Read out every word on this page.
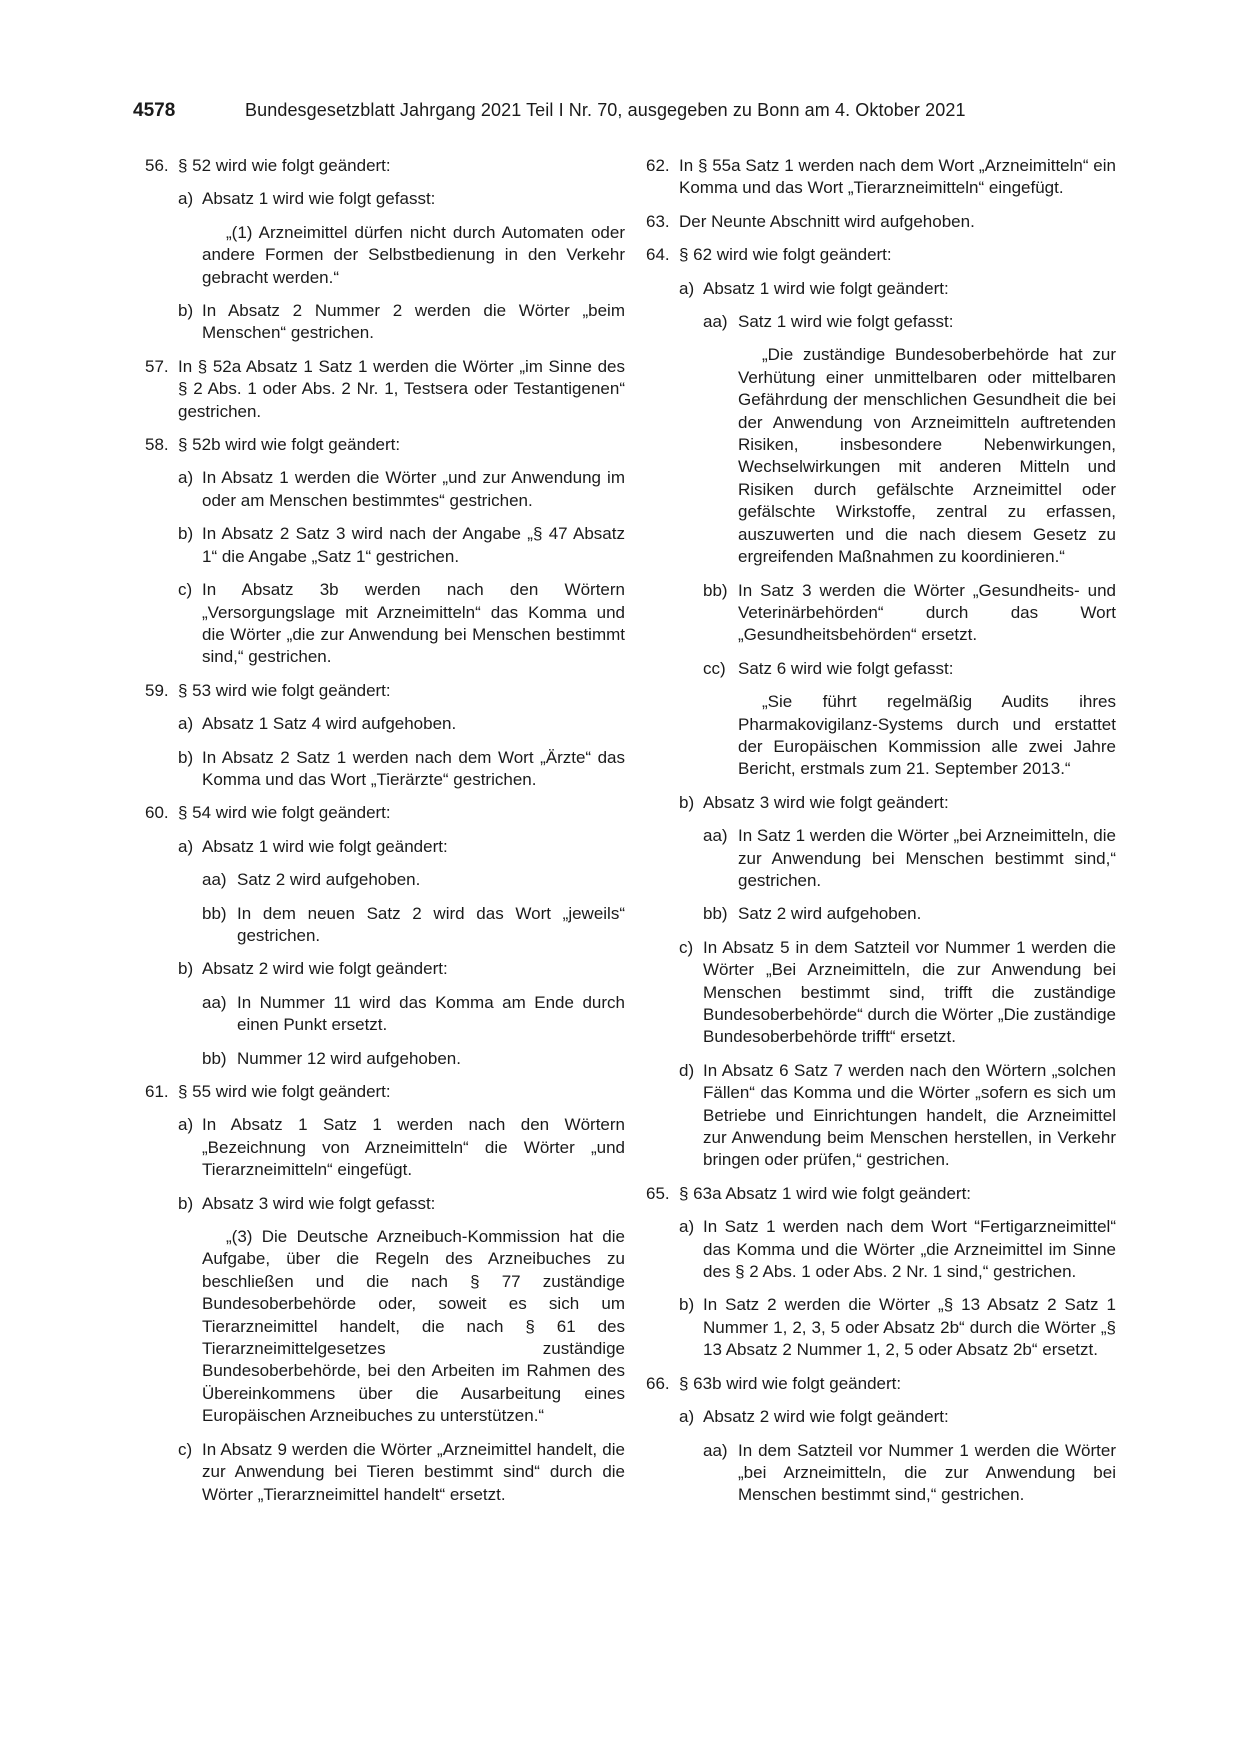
4578	Bundesgesetzblatt Jahrgang 2021 Teil I Nr. 70, ausgegeben zu Bonn am 4. Oktober 2021
56. § 52 wird wie folgt geändert:
a) Absatz 1 wird wie folgt gefasst:
„(1) Arzneimittel dürfen nicht durch Automaten oder andere Formen der Selbstbedienung in den Verkehr gebracht werden.“
b) In Absatz 2 Nummer 2 werden die Wörter „beim Menschen“ gestrichen.
57. In § 52a Absatz 1 Satz 1 werden die Wörter „im Sinne des § 2 Abs. 1 oder Abs. 2 Nr. 1, Testsera oder Testantigenen“ gestrichen.
58. § 52b wird wie folgt geändert:
a) In Absatz 1 werden die Wörter „und zur Anwendung im oder am Menschen bestimmtes“ gestrichen.
b) In Absatz 2 Satz 3 wird nach der Angabe „§ 47 Absatz 1“ die Angabe „Satz 1“ gestrichen.
c) In Absatz 3b werden nach den Wörtern „Versorgungslage mit Arzneimitteln“ das Komma und die Wörter „die zur Anwendung bei Menschen bestimmt sind,“ gestrichen.
59. § 53 wird wie folgt geändert:
a) Absatz 1 Satz 4 wird aufgehoben.
b) In Absatz 2 Satz 1 werden nach dem Wort „Ärzte“ das Komma und das Wort „Tierärzte“ gestrichen.
60. § 54 wird wie folgt geändert:
a) Absatz 1 wird wie folgt geändert:
aa) Satz 2 wird aufgehoben.
bb) In dem neuen Satz 2 wird das Wort „jeweils“ gestrichen.
b) Absatz 2 wird wie folgt geändert:
aa) In Nummer 11 wird das Komma am Ende durch einen Punkt ersetzt.
bb) Nummer 12 wird aufgehoben.
61. § 55 wird wie folgt geändert:
a) In Absatz 1 Satz 1 werden nach den Wörtern „Bezeichnung von Arzneimitteln“ die Wörter „und Tierarzneimitteln“ eingefügt.
b) Absatz 3 wird wie folgt gefasst:
„(3) Die Deutsche Arzneibuch-Kommission hat die Aufgabe, über die Regeln des Arzneibuches zu beschließen und die nach § 77 zuständige Bundesoberbehörde oder, soweit es sich um Tierarzneimittel handelt, die nach § 61 des Tierarzneimittelgesetzes zuständige Bundesoberbehörde, bei den Arbeiten im Rahmen des Übereinkommens über die Ausarbeitung eines Europäischen Arzneibuches zu unterstützen.“
c) In Absatz 9 werden die Wörter „Arzneimittel handelt, die zur Anwendung bei Tieren bestimmt sind“ durch die Wörter „Tierarzneimittel handelt“ ersetzt.
62. In § 55a Satz 1 werden nach dem Wort „Arzneimitteln“ ein Komma und das Wort „Tierarzneimitteln“ eingefügt.
63. Der Neunte Abschnitt wird aufgehoben.
64. § 62 wird wie folgt geändert:
a) Absatz 1 wird wie folgt geändert:
aa) Satz 1 wird wie folgt gefasst:
„Die zuständige Bundesoberbehörde hat zur Verhütung einer unmittelbaren oder mittelbaren Gefährdung der menschlichen Gesundheit die bei der Anwendung von Arzneimitteln auftretenden Risiken, insbesondere Nebenwirkungen, Wechselwirkungen mit anderen Mitteln und Risiken durch gefälschte Arzneimittel oder gefälschte Wirkstoffe, zentral zu erfassen, auszuwerten und die nach diesem Gesetz zu ergreifenden Maßnahmen zu koordinieren.“
bb) In Satz 3 werden die Wörter „Gesundheits- und Veterinärbehörden“ durch das Wort „Gesundheitsbehörden“ ersetzt.
cc) Satz 6 wird wie folgt gefasst:
„Sie führt regelmäßig Audits ihres Pharmakovigilanz-Systems durch und erstattet der Europäischen Kommission alle zwei Jahre Bericht, erstmals zum 21. September 2013.“
b) Absatz 3 wird wie folgt geändert:
aa) In Satz 1 werden die Wörter „bei Arzneimitteln, die zur Anwendung bei Menschen bestimmt sind,“ gestrichen.
bb) Satz 2 wird aufgehoben.
c) In Absatz 5 in dem Satzteil vor Nummer 1 werden die Wörter „Bei Arzneimitteln, die zur Anwendung bei Menschen bestimmt sind, trifft die zuständige Bundesoberbehörde“ durch die Wörter „Die zuständige Bundesoberbehörde trifft“ ersetzt.
d) In Absatz 6 Satz 7 werden nach den Wörtern „solchen Fällen“ das Komma und die Wörter „sofern es sich um Betriebe und Einrichtungen handelt, die Arzneimittel zur Anwendung beim Menschen herstellen, in Verkehr bringen oder prüfen,“ gestrichen.
65. § 63a Absatz 1 wird wie folgt geändert:
a) In Satz 1 werden nach dem Wort “Fertigarzneimittel“ das Komma und die Wörter „die Arzneimittel im Sinne des § 2 Abs. 1 oder Abs. 2 Nr. 1 sind,“ gestrichen.
b) In Satz 2 werden die Wörter „§ 13 Absatz 2 Satz 1 Nummer 1, 2, 3, 5 oder Absatz 2b“ durch die Wörter „§ 13 Absatz 2 Nummer 1, 2, 5 oder Absatz 2b“ ersetzt.
66. § 63b wird wie folgt geändert:
a) Absatz 2 wird wie folgt geändert:
aa) In dem Satzteil vor Nummer 1 werden die Wörter „bei Arzneimitteln, die zur Anwendung bei Menschen bestimmt sind,“ gestrichen.
